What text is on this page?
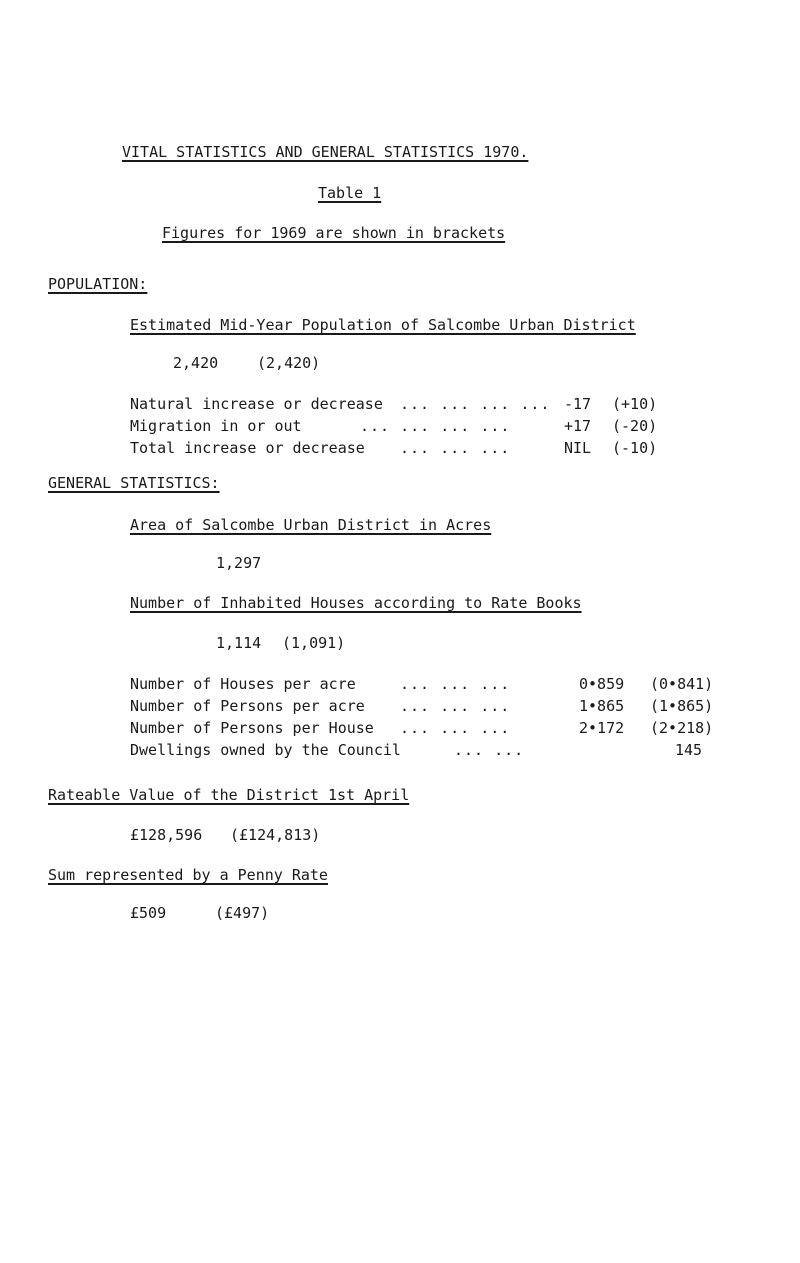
VITAL STATISTICS AND GENERAL STATISTICS 1970.
Table 1
Figures for 1969 are shown in brackets
POPULATION:
Estimated Mid-Year Population of Salcombe Urban District
2,420	(2,420)
Natural increase or decrease ... ... ... ... -17 (+10)
Migration in or out	... ... ... ...	+17 (-20)
Total increase or decrease ... ... ...	NIL (-10)
GENERAL STATISTICS:
Area of Salcombe Urban District in Acres
1,297
Number of Inhabited Houses according to Rate Books
1,114 (1,091)
Number of Houses per acre	... ... ...	0•859 (0•841)
Number of Persons per acre ... ... ...	1•865 (1•865)
Number of Persons per House ... ... ...	2•172 (2•218)
Dwellings owned by the Council	... ...	145
Rateable Value of the District 1st April
£128,596 (£124,813)
Sum represented by a Penny Rate
£509	(£497)
